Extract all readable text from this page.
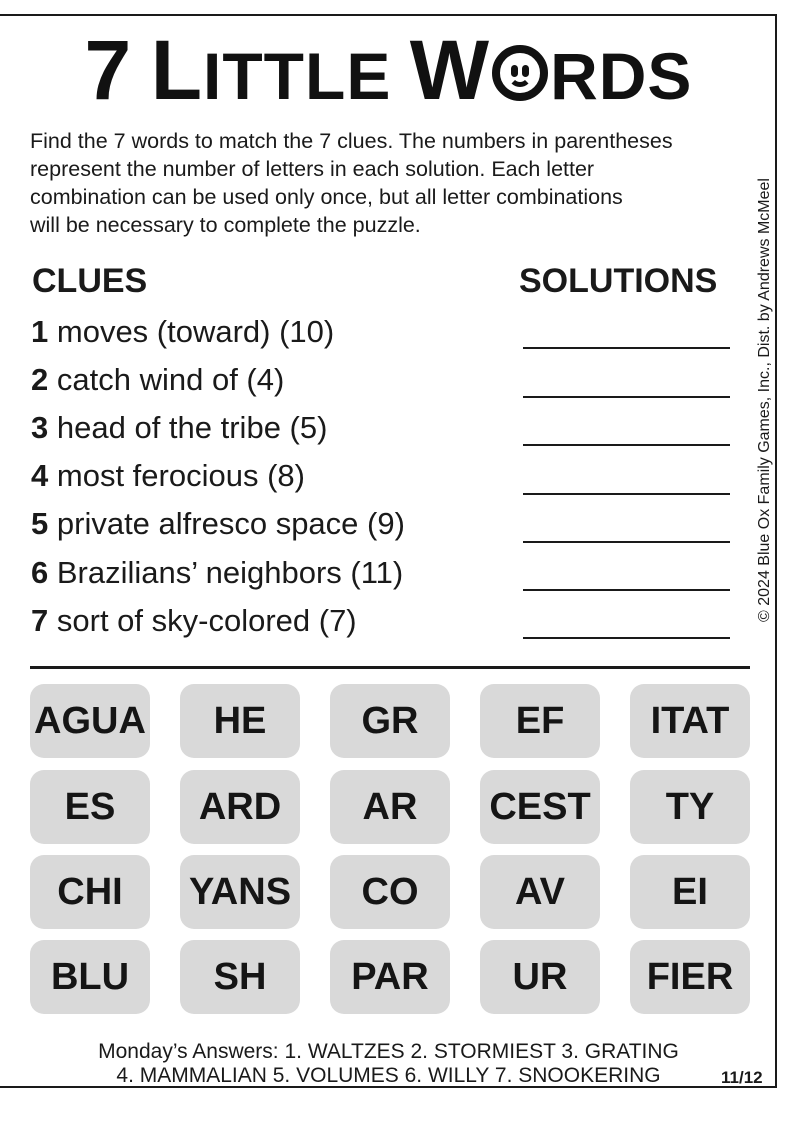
7 LITTLE W RDS
Find the 7 words to match the 7 clues. The numbers in parentheses
represent the number of letters in each solution. Each letter
combination can be used only once, but all letter combinations
will be necessary to complete the puzzle.	© 2024 Blue Ox Family Games, Inc., Dist. by Andrews McMeel
CLUES	SOLUTIONS
1 moves (toward) (10)
2 catch wind of (4)
3 head of the tribe (5)
4 most ferocious (8)
5 private alfresco space (9)
6 Brazilians’ neighbors (11)
7 sort of sky-colored (7)
AGUA	HE	GR	EF	ITAT
ES	ARD	AR	CEST	TY
CHI	YANS	CO	AV	EI
BLU	SH	PAR	UR	FIER
Monday’s Answers: 1. WALTZES 2. STORMIEST 3. GRATING
4. MAMMALIAN 5. VOLUMES 6. WILLY 7. SNOOKERING	11/12
